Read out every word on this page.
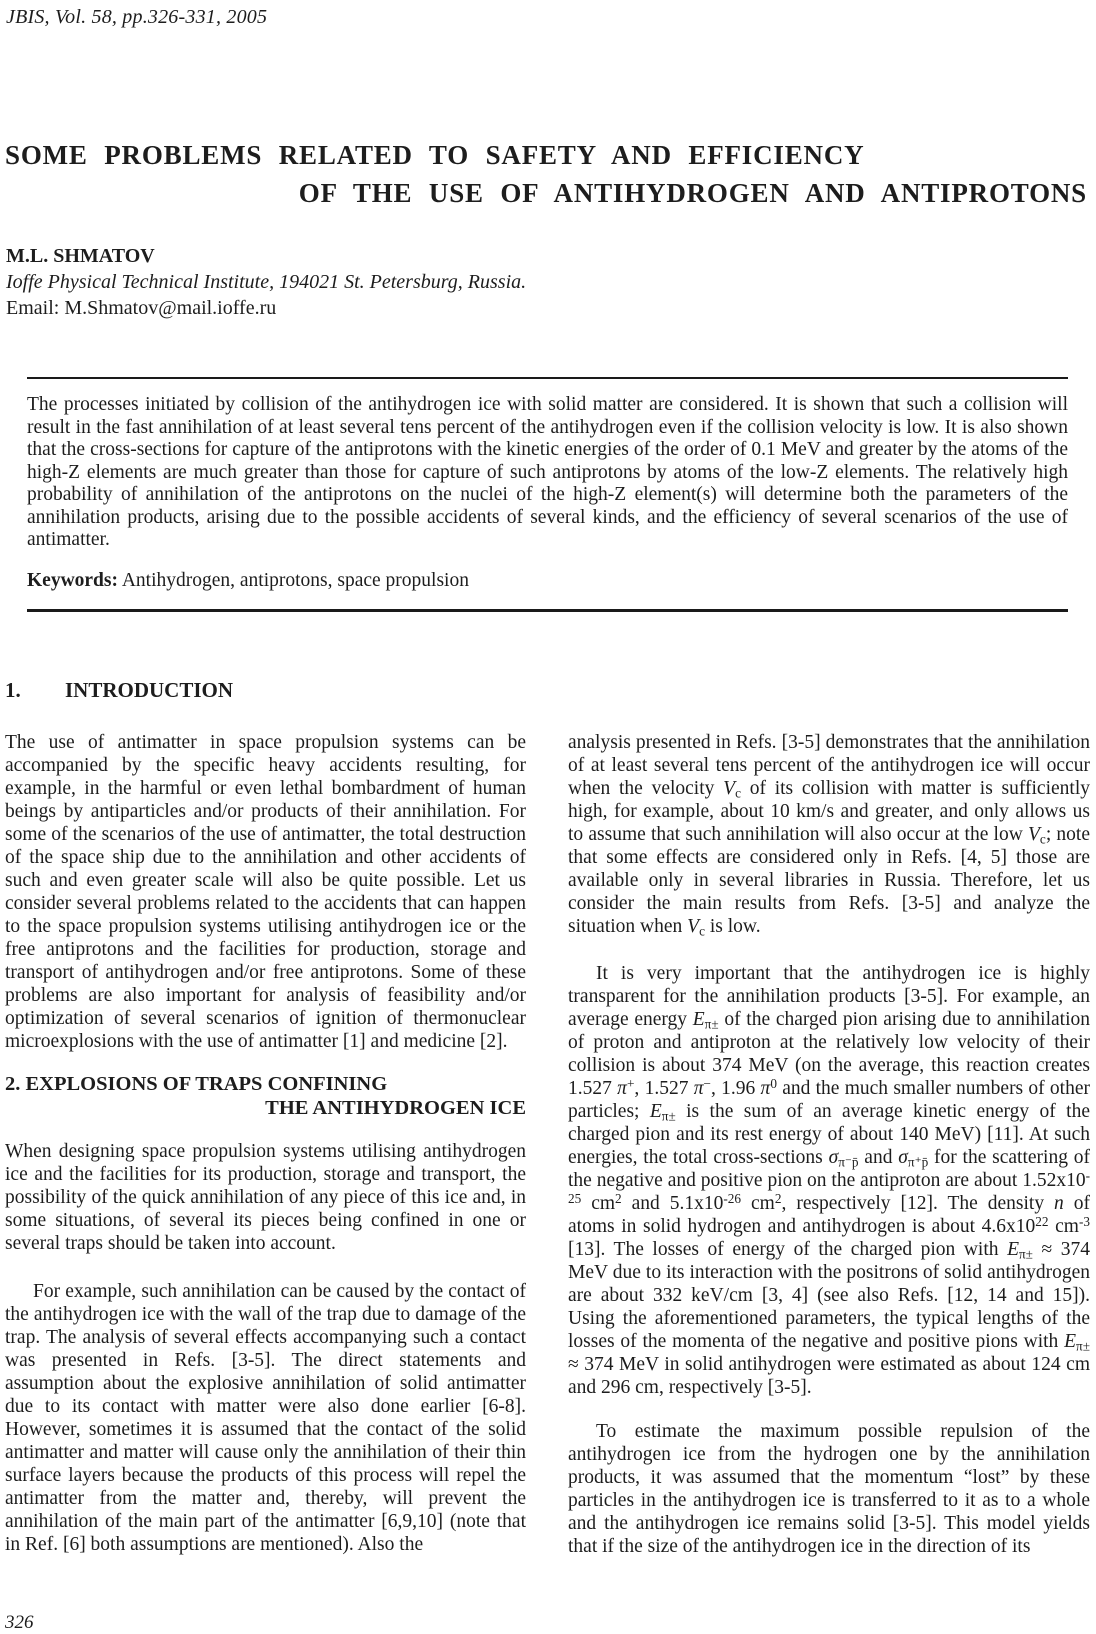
JBIS, Vol. 58, pp.326-331, 2005
SOME PROBLEMS RELATED TO SAFETY AND EFFICIENCY
OF THE USE OF ANTIHYDROGEN AND ANTIPROTONS
M.L. SHMATOV
Ioffe Physical Technical Institute, 194021 St. Petersburg, Russia.
Email: M.Shmatov@mail.ioffe.ru
The processes initiated by collision of the antihydrogen ice with solid matter are considered. It is shown that such a collision will result in the fast annihilation of at least several tens percent of the antihydrogen even if the collision velocity is low. It is also shown that the cross-sections for capture of the antiprotons with the kinetic energies of the order of 0.1 MeV and greater by the atoms of the high-Z elements are much greater than those for capture of such antiprotons by atoms of the low-Z elements. The relatively high probability of annihilation of the antiprotons on the nuclei of the high-Z element(s) will determine both the parameters of the annihilation products, arising due to the possible accidents of several kinds, and the efficiency of several scenarios of the use of antimatter.
Keywords: Antihydrogen, antiprotons, space propulsion
1. INTRODUCTION

The use of antimatter in space propulsion systems can be accompanied by the specific heavy accidents resulting, for example, in the harmful or even lethal bombardment of human beings by antiparticles and/or products of their annihilation. For some of the scenarios of the use of antimatter, the total destruction of the space ship due to the annihilation and other accidents of such and even greater scale will also be quite possible. Let us consider several problems related to the accidents that can happen to the space propulsion systems utilising antihydrogen ice or the free antiprotons and the facilities for production, storage and transport of antihydrogen and/or free antiprotons. Some of these problems are also important for analysis of feasibility and/or optimization of several scenarios of ignition of thermonuclear microexplosions with the use of antimatter [1] and medicine [2].

2. EXPLOSIONS OF TRAPS CONFINING
THE ANTIHYDROGEN ICE

When designing space propulsion systems utilising antihydrogen ice and the facilities for its production, storage and transport, the possibility of the quick annihilation of any piece of this ice and, in some situations, of several its pieces being confined in one or several traps should be taken into account.

For example, such annihilation can be caused by the contact of the antihydrogen ice with the wall of the trap due to damage of the trap. The analysis of several effects accompanying such a contact was presented in Refs. [3-5]. The direct statements and assumption about the explosive annihilation of solid antimatter due to its contact with matter were also done earlier [6-8]. However, sometimes it is assumed that the contact of the solid antimatter and matter will cause only the annihilation of their thin surface layers because the products of this process will repel the antimatter from the matter and, thereby, will prevent the annihilation of the main part of the antimatter [6,9,10] (note that in Ref. [6] both assumptions are mentioned). Also the

analysis presented in Refs. [3-5] demonstrates that the annihilation of at least several tens percent of the antihydrogen ice will occur when the velocity $V_c$ of its collision with matter is sufficiently high, for example, about 10 km/s and greater, and only allows us to assume that such annihilation will also occur at the low $V_c$; note that some effects are considered only in Refs. [4, 5] those are available only in several libraries in Russia. Therefore, let us consider the main results from Refs. [3-5] and analyze the situation when $V_c$ is low.

It is very important that the antihydrogen ice is highly transparent for the annihilation products [3-5]. For example, an average energy $E_{\pi\pm}$ of the charged pion arising due to annihilation of proton and antiproton at the relatively low velocity of their collision is about 374 MeV (on the average, this reaction creates 1.527 π+, 1.527 π−, 1.96 $\pi^0$ and the much smaller numbers of other particles; $E_{\pi\pm}$ is the sum of an average kinetic energy of the charged pion and its rest energy of about 140 MeV) [11]. At such energies, the total cross-sections $\sigma_{\pi^-p̄}$ and $\sigma_{\pi^+p̄}$ for the scattering of the negative and positive pion on the antiproton are about $1.52x10^{-25}$ $cm^2$ and $5.1x10^{-26}$ $cm^2$, respectively [12]. The density n of atoms in solid hydrogen and antihydrogen is about $4.6x10^{22}$ $cm^{-3}$ [13]. The losses of energy of the charged pion with $E_{\pi\pm} \approx 374$ MeV due to its interaction with the positrons of solid antihydrogen are about 332 keV/cm [3, 4] (see also Refs. [12, 14 and 15]). Using the aforementioned parameters, the typical lengths of the losses of the momenta of the negative and positive pions with $E_{\pi\pm} \approx 374$ MeV in solid antihydrogen were estimated as about 124 cm and 296 cm, respectively [3-5].

To estimate the maximum possible repulsion of the antihydrogen ice from the hydrogen one by the annihilation products, it was assumed that the momentum “lost” by these particles in the antihydrogen ice is transferred to it as to a whole and the antihydrogen ice remains solid [3-5]. This model yields that if the size of the antihydrogen ice in the direction of its

326
